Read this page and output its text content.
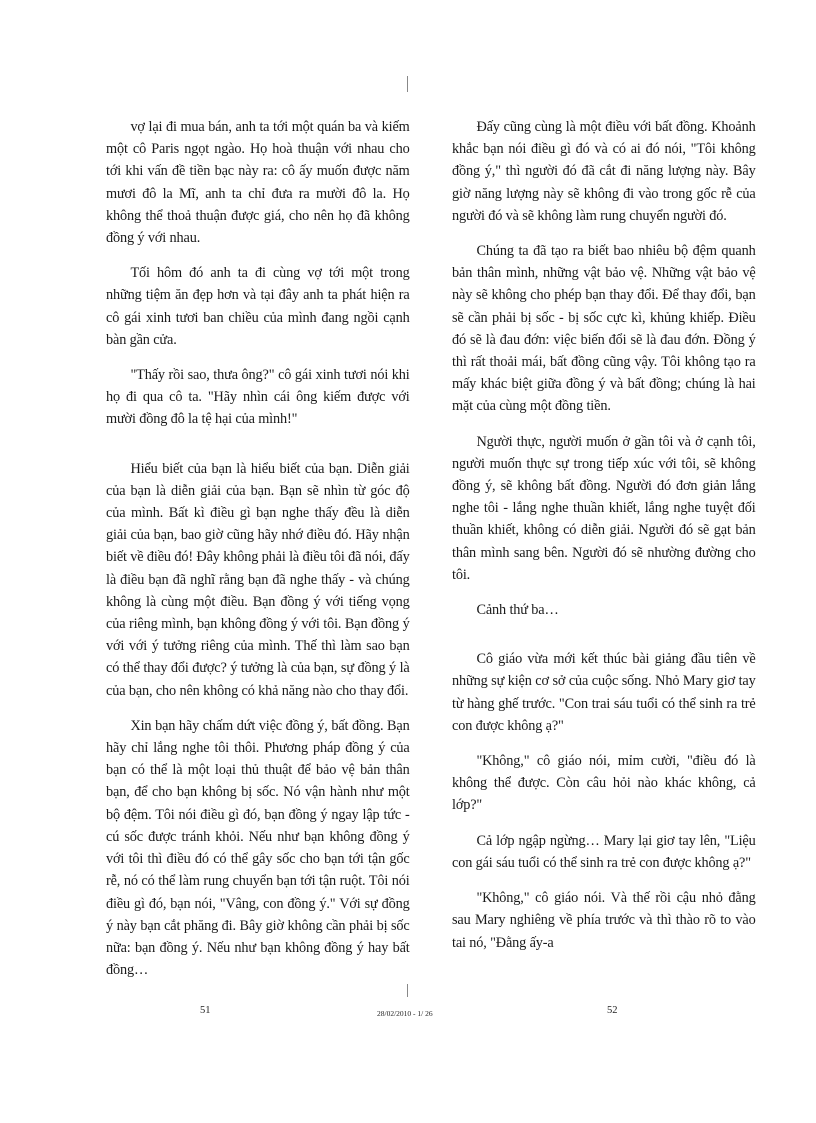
vợ lại đi mua bán, anh ta tới một quán ba và kiếm một cô Paris ngọt ngào. Họ hoà thuận với nhau cho tới khi vấn đề tiền bạc này ra: cô ấy muốn được năm mươi đô la Mĩ, anh ta chỉ đưa ra mười đô la. Họ không thể thoả thuận được giá, cho nên họ đã không đồng ý với nhau.

Tối hôm đó anh ta đi cùng vợ tới một trong những tiệm ăn đẹp hơn và tại đây anh ta phát hiện ra cô gái xinh tươi ban chiều của mình đang ngồi cạnh bàn gần cửa.

"Thấy rồi sao, thưa ông?" cô gái xinh tươi nói khi họ đi qua cô ta. "Hãy nhìn cái ông kiếm được với mười đồng đô la tệ hại của mình!"

Hiểu biết của bạn là hiểu biết của bạn. Diễn giải của bạn là diễn giải của bạn. Bạn sẽ nhìn từ góc độ của mình. Bất kì điều gì bạn nghe thấy đều là diễn giải của bạn, bao giờ cũng hãy nhớ điều đó. Hãy nhận biết về điều đó! Đây không phải là điều tôi đã nói, đấy là điều bạn đã nghĩ rằng bạn đã nghe thấy - và chúng không là cùng một điều. Bạn đồng ý với tiếng vọng của riêng mình, bạn không đồng ý với tôi. Bạn đồng ý với với ý tưởng riêng của mình. Thế thì làm sao bạn có thể thay đổi được? ý tưởng là của bạn, sự đồng ý là của bạn, cho nên không có khả năng nào cho thay đổi.

Xin bạn hãy chấm dứt việc đồng ý, bất đồng. Bạn hãy chỉ lắng nghe tôi thôi. Phương pháp đồng ý của bạn có thể là một loại thủ thuật để bảo vệ bản thân bạn, để cho bạn không bị sốc. Nó vận hành như một bộ đệm. Tôi nói điều gì đó, bạn đồng ý ngay lập tức - cú sốc được tránh khỏi. Nếu như bạn không đồng ý với tôi thì điều đó có thể gây sốc cho bạn tới tận gốc rễ, nó có thể làm rung chuyển bạn tới tận ruột. Tôi nói điều gì đó, bạn nói, "Vâng, con đồng ý." Với sự đồng ý này bạn cắt phăng đi. Bây giờ không cần phải bị sốc nữa: bạn đồng ý. Nếu như bạn không đồng ý hay bất đồng…

Đấy cũng cùng là một điều với bất đồng. Khoảnh khắc bạn nói điều gì đó và có ai đó nói, "Tôi không đồng ý," thì người đó đã cắt đi năng lượng này. Bây giờ năng lượng này sẽ không đi vào trong gốc rễ của người đó và sẽ không làm rung chuyển người đó.

Chúng ta đã tạo ra biết bao nhiêu bộ đệm quanh bản thân mình, những vật bảo vệ. Những vật bảo vệ này sẽ không cho phép bạn thay đổi. Để thay đổi, bạn sẽ cần phải bị sốc - bị sốc cực kì, khủng khiếp. Điều đó sẽ là đau đớn: việc biến đổi sẽ là đau đớn. Đồng ý thì rất thoải mái, bất đồng cũng vậy. Tôi không tạo ra mấy khác biệt giữa đồng ý và bất đồng; chúng là hai mặt của cùng một đồng tiền.

Người thực, người muốn ở gần tôi và ở cạnh tôi, người muốn thực sự trong tiếp xúc với tôi, sẽ không đồng ý, sẽ không bất đồng. Người đó đơn giản lắng nghe tôi - lắng nghe thuần khiết, lắng nghe tuyệt đối thuần khiết, không có diễn giải. Người đó sẽ gạt bản thân mình sang bên. Người đó sẽ nhường đường cho tôi.

Cảnh thứ ba…

Cô giáo vừa mới kết thúc bài giảng đầu tiên về những sự kiện cơ sở của cuộc sống. Nhỏ Mary giơ tay từ hàng ghế trước. "Con trai sáu tuổi có thể sinh ra trẻ con được không ạ?"

"Không," cô giáo nói, mỉm cười, "điều đó là không thể được. Còn câu hỏi nào khác không, cả lớp?"

Cả lớp ngập ngừng… Mary lại giơ tay lên, "Liệu con gái sáu tuổi có thể sinh ra trẻ con được không ạ?"

"Không," cô giáo nói. Và thế rồi cậu nhỏ đằng sau Mary nghiêng về phía trước và thì thào rõ to vào tai nó, "Đằng ấy-a

51	28/02/2010 - 1/ 26	52
